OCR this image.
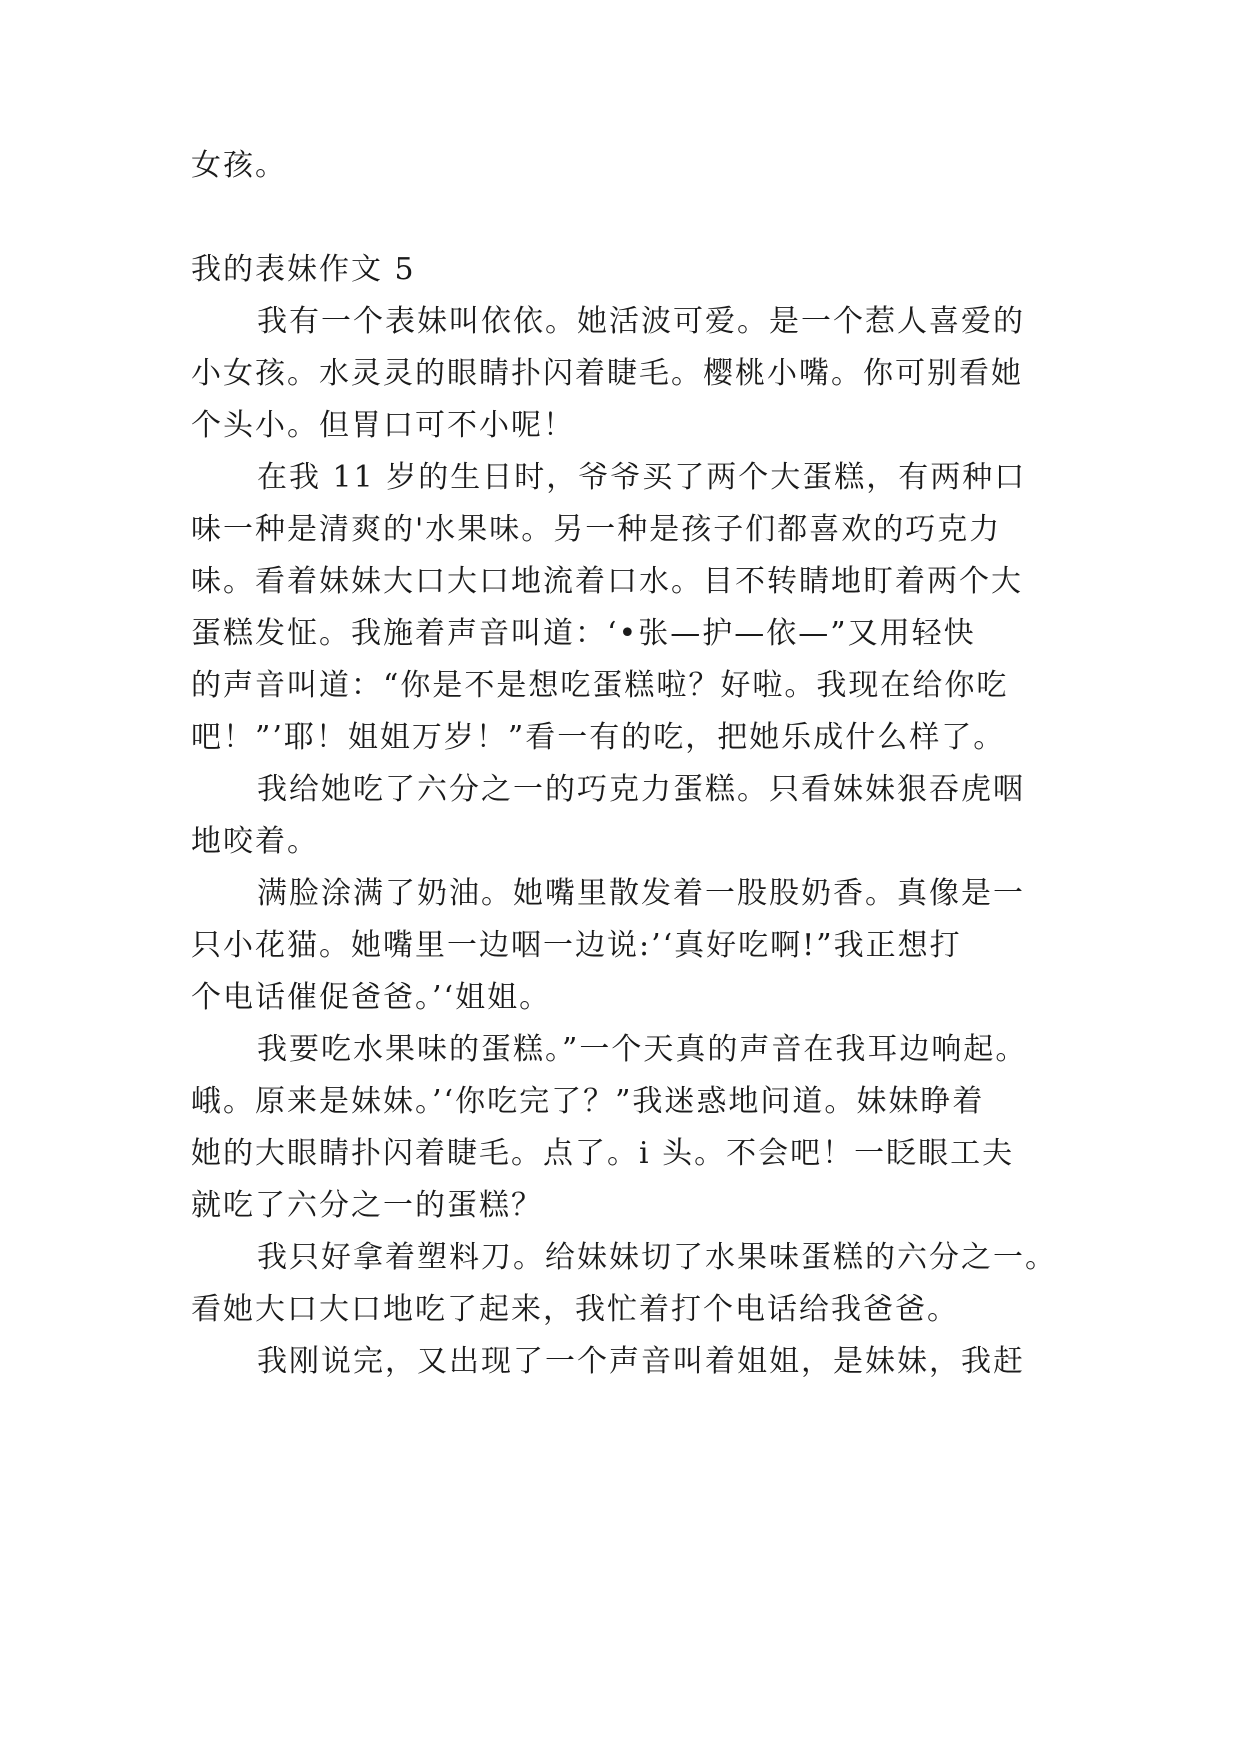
女孩。
我的表妹作文 5
我有一个表妹叫依依。她活波可爱。是一个惹人喜爱的
小女孩。水灵灵的眼睛扑闪着睫毛。樱桃小嘴。你可别看她
个头小。但胃口可不小呢！
在我 11 岁的生日时，爷爷买了两个大蛋糕，有两种口
味一种是清爽的'水果味。另一种是孩子们都喜欢的巧克力
味。看着妹妹大口大口地流着口水。目不转睛地盯着两个大
蛋糕发怔。我施着声音叫道：‘•张—护—依—”又用轻快
的声音叫道：“你是不是想吃蛋糕啦？好啦。我现在给你吃
吧！”’耶！姐姐万岁！”看一有的吃，把她乐成什么样了。
我给她吃了六分之一的巧克力蛋糕。只看妹妹狠吞虎咽
地咬着。
满脸涂满了奶油。她嘴里散发着一股股奶香。真像是一
只小花猫。她嘴里一边咽一边说:’‘真好吃啊!”我正想打
个电话催促爸爸。’‘姐姐。
我要吃水果味的蛋糕。”一个天真的声音在我耳边响起。
峨。原来是妹妹。’‘你吃完了？”我迷惑地问道。妹妹睁着
她的大眼睛扑闪着睫毛。点了。i 头。不会吧！一眨眼工夫
就吃了六分之一的蛋糕？
我只好拿着塑料刀。给妹妹切了水果味蛋糕的六分之一。
看她大口大口地吃了起来，我忙着打个电话给我爸爸。
我刚说完，又出现了一个声音叫着姐姐，是妹妹，我赶
